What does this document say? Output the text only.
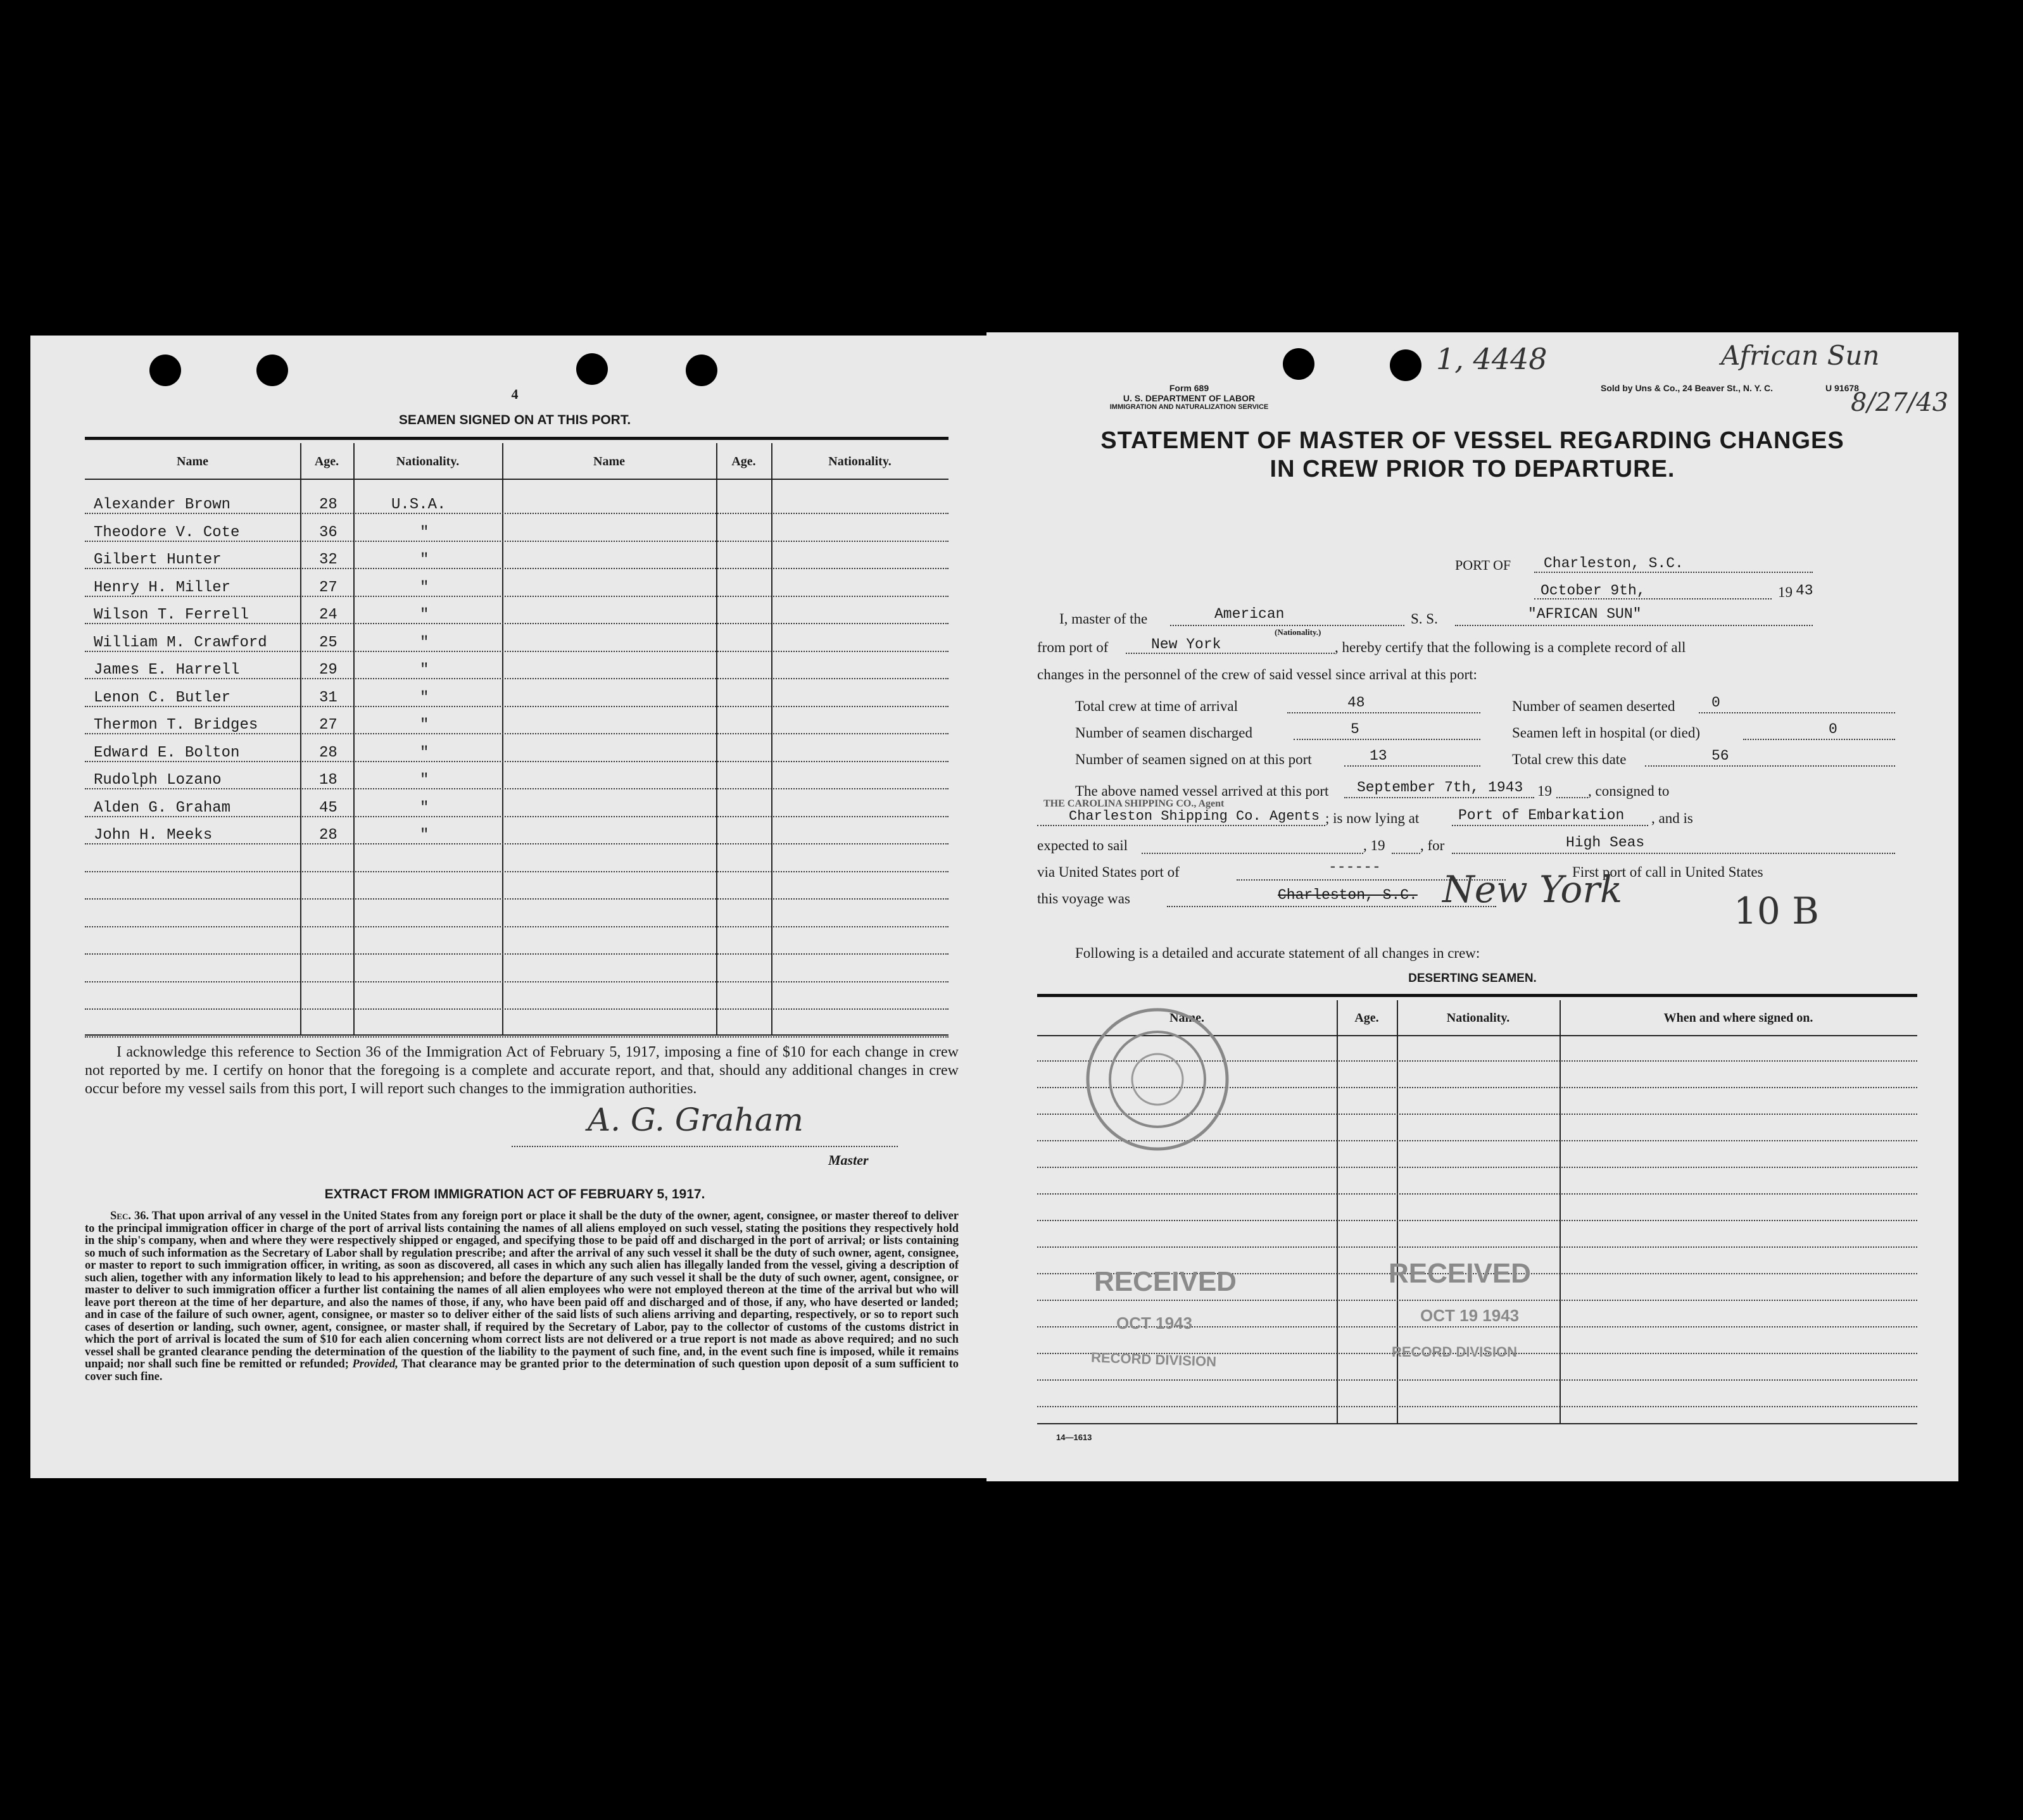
4
SEAMEN SIGNED ON AT THIS PORT.
Name	Age.	Nationality.	Name	Age.	Nationality.
Alexander Brown	28	U.S.A.
Theodore V. Cote	36	"
Gilbert Hunter	32	"
Henry H. Miller	27	"
Wilson T. Ferrell	24	"
William M. Crawford	25	"
James E. Harrell	29	"
Lenon C. Butler	31	"
Thermon T. Bridges	27	"
Edward E. Bolton	28	"
Rudolph Lozano	18	"
Alden G. Graham	45	"
John H. Meeks	28	"
I acknowledge this reference to Section 36 of the Immigration Act of February 5, 1917, imposing a fine of $10 for each change in crew not reported by me. I certify on honor that the foregoing is a complete and accurate report, and that, should any additional changes in crew occur before my vessel sails from this port, I will report such changes to the immigration authorities.
A. G. Graham
Master
EXTRACT FROM IMMIGRATION ACT OF FEBRUARY 5, 1917.
Sec. 36. That upon arrival of any vessel in the United States from any foreign port or place it shall be the duty of the owner, agent, consignee, or master thereof to deliver to the principal immigration officer in charge of the port of arrival lists containing the names of all aliens employed on such vessel, stating the positions they respectively hold in the ship's company, when and where they were respectively shipped or engaged, and specifying those to be paid off and discharged in the port of arrival; or lists containing so much of such information as the Secretary of Labor shall by regulation prescribe; and after the arrival of any such vessel it shall be the duty of such owner, agent, consignee, or master to report to such immigration officer, in writing, as soon as discovered, all cases in which any such alien has illegally landed from the vessel, giving a description of such alien, together with any information likely to lead to his apprehension; and before the departure of any such vessel it shall be the duty of such owner, agent, consignee, or master to deliver to such immigration officer a further list containing the names of all alien employees who were not employed thereon at the time of the arrival but who will leave port thereon at the time of her departure, and also the names of those, if any, who have been paid off and discharged and of those, if any, who have deserted or landed; and in case of the failure of such owner, agent, consignee, or master so to deliver either of the said lists of such aliens arriving and departing, respectively, or so to report such cases of desertion or landing, such owner, agent, consignee, or master shall, if required by the Secretary of Labor, pay to the collector of customs of the customs district in which the port of arrival is located the sum of $10 for each alien concerning whom correct lists are not delivered or a true report is not made as above required; and no such vessel shall be granted clearance pending the determination of the question of the liability to the payment of such fine, and, in the event such fine is imposed, while it remains unpaid; nor shall such fine be remitted or refunded; Provided, That clearance may be granted prior to the determination of such question upon deposit of a sum sufficient to cover such fine.
1, 4448	African Sun
8/27/43
Form 689
U. S. DEPARTMENT OF LABOR
IMMIGRATION AND NATURALIZATION SERVICE
Sold by Uns & Co., 24 Beaver St., N. Y. C.	U 91678
STATEMENT OF MASTER OF VESSEL REGARDING CHANGES
IN CREW PRIOR TO DEPARTURE.
PORT OF Charleston, S.C.
October 9th,	19 43
I, master of the	American
(Nationality.)
S. S.	"AFRICAN SUN"
from port of	New York	, hereby certify that the following is a complete record of all
changes in the personnel of the crew of said vessel since arrival at this port:
Total crew at time of arrival	48	Number of seamen deserted	0
Number of seamen discharged	5	Seamen left in hospital (or died)	0
Number of seamen signed on at this port	13	Total crew this date	56
The above named vessel arrived at this port September 7th, 1943 19 , consigned to
THE CAROLINA SHIPPING CO., Agent
Charleston Shipping Co. Agents ; is now lying at	Port of Embarkation , and is
expected to sail	, 19 , for	High Seas
via United States port of	------	First port of call in United States
this voyage was	Charleston, S.C. New York	10 B
Following is a detailed and accurate statement of all changes in crew:
DESERTING SEAMEN.
Name.	Age.	Nationality.	When and where signed on.
RECEIVED
OCT 1943
RECORD DIVISION
RECEIVED
OCT 19 1943
RECORD DIVISION
14—1613
